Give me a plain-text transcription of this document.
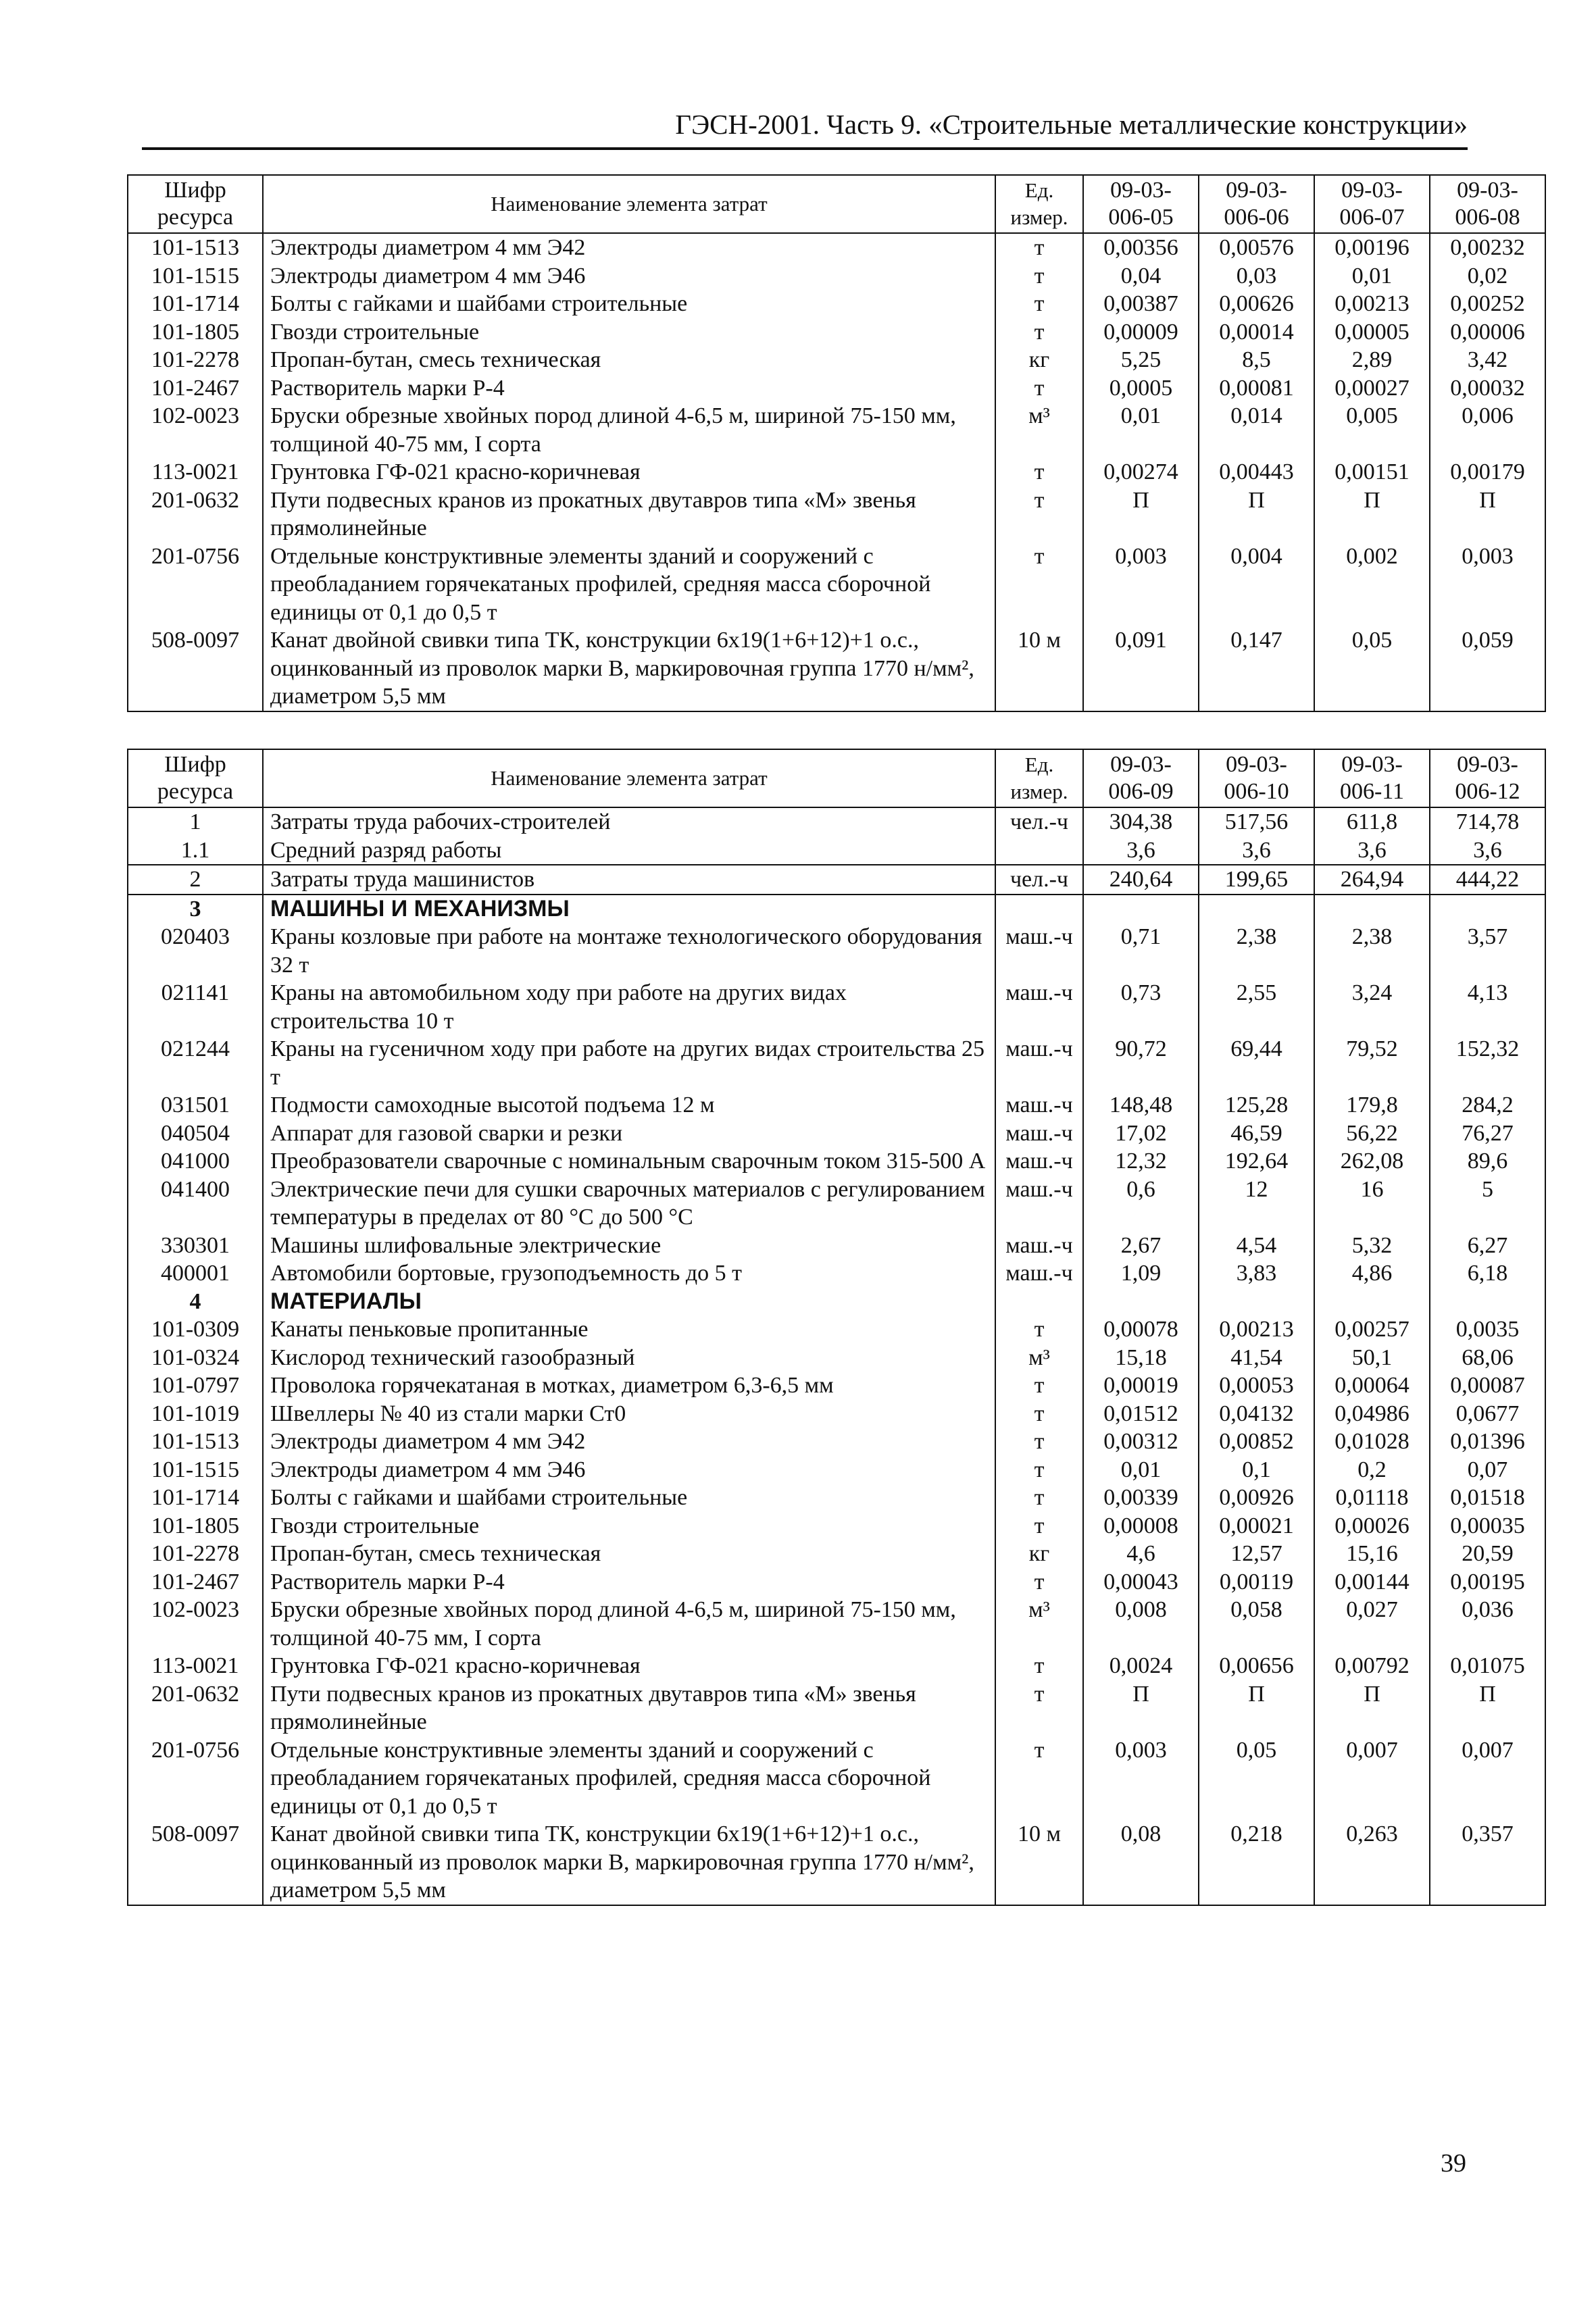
ГЭСН-2001. Часть 9. «Строительные металлические конструкции»
Шифр ресурса	Наименование элемента затрат	Ед. измер.	09-03-006-05	09-03-006-06	09-03-006-07	09-03-006-08
101-1513	Электроды диаметром 4 мм Э42	т	0,00356	0,00576	0,00196	0,00232
101-1515	Электроды диаметром 4 мм Э46	т	0,04	0,03	0,01	0,02
101-1714	Болты с гайками и шайбами строительные	т	0,00387	0,00626	0,00213	0,00252
101-1805	Гвозди строительные	т	0,00009	0,00014	0,00005	0,00006
101-2278	Пропан-бутан, смесь техническая	кг	5,25	8,5	2,89	3,42
101-2467	Растворитель марки Р-4	т	0,0005	0,00081	0,00027	0,00032
102-0023	Бруски обрезные хвойных пород длиной 4-6,5 м, шириной 75-150 мм, толщиной 40-75 мм, I сорта	м³	0,01	0,014	0,005	0,006
113-0021	Грунтовка ГФ-021 красно-коричневая	т	0,00274	0,00443	0,00151	0,00179
201-0632	Пути подвесных кранов из прокатных двутавров типа «М» звенья прямолинейные	т	П	П	П	П
201-0756	Отдельные конструктивные элементы зданий и сооружений с преобладанием горячекатаных профилей, средняя масса сборочной единицы от 0,1 до 0,5 т	т	0,003	0,004	0,002	0,003
508-0097	Канат двойной свивки типа ТК, конструкции 6х19(1+6+12)+1 о.с., оцинкованный из проволок марки В, маркировочная группа 1770 н/мм², диаметром 5,5 мм	10 м	0,091	0,147	0,05	0,059
Шифр ресурса	Наименование элемента затрат	Ед. измер.	09-03-006-09	09-03-006-10	09-03-006-11	09-03-006-12
1	Затраты труда рабочих-строителей	чел.-ч	304,38	517,56	611,8	714,78
1.1	Средний разряд работы		3,6	3,6	3,6	3,6
2	Затраты труда машинистов	чел.-ч	240,64	199,65	264,94	444,22
3	МАШИНЫ И МЕХАНИЗМЫ					
020403	Краны козловые при работе на монтаже технологического оборудования 32 т	маш.-ч	0,71	2,38	2,38	3,57
021141	Краны на автомобильном ходу при работе на других видах строительства 10 т	маш.-ч	0,73	2,55	3,24	4,13
021244	Краны на гусеничном ходу при работе на других видах строительства 25 т	маш.-ч	90,72	69,44	79,52	152,32
031501	Подмости самоходные высотой подъема 12 м	маш.-ч	148,48	125,28	179,8	284,2
040504	Аппарат для газовой сварки и резки	маш.-ч	17,02	46,59	56,22	76,27
041000	Преобразователи сварочные с номинальным сварочным током 315-500 А	маш.-ч	12,32	192,64	262,08	89,6
041400	Электрические печи для сушки сварочных материалов с регулированием температуры в пределах от 80 °С до 500 °С	маш.-ч	0,6	12	16	5
330301	Машины шлифовальные электрические	маш.-ч	2,67	4,54	5,32	6,27
400001	Автомобили бортовые, грузоподъемность до 5 т	маш.-ч	1,09	3,83	4,86	6,18
4	МАТЕРИАЛЫ					
101-0309	Канаты пеньковые пропитанные	т	0,00078	0,00213	0,00257	0,0035
101-0324	Кислород технический газообразный	м³	15,18	41,54	50,1	68,06
101-0797	Проволока горячекатаная в мотках, диаметром 6,3-6,5 мм	т	0,00019	0,00053	0,00064	0,00087
101-1019	Швеллеры № 40 из стали марки Ст0	т	0,01512	0,04132	0,04986	0,0677
101-1513	Электроды диаметром 4 мм Э42	т	0,00312	0,00852	0,01028	0,01396
101-1515	Электроды диаметром 4 мм Э46	т	0,01	0,1	0,2	0,07
101-1714	Болты с гайками и шайбами строительные	т	0,00339	0,00926	0,01118	0,01518
101-1805	Гвозди строительные	т	0,00008	0,00021	0,00026	0,00035
101-2278	Пропан-бутан, смесь техническая	кг	4,6	12,57	15,16	20,59
101-2467	Растворитель марки Р-4	т	0,00043	0,00119	0,00144	0,00195
102-0023	Бруски обрезные хвойных пород длиной 4-6,5 м, шириной 75-150 мм, толщиной 40-75 мм, I сорта	м³	0,008	0,058	0,027	0,036
113-0021	Грунтовка ГФ-021 красно-коричневая	т	0,0024	0,00656	0,00792	0,01075
201-0632	Пути подвесных кранов из прокатных двутавров типа «М» звенья прямолинейные	т	П	П	П	П
201-0756	Отдельные конструктивные элементы зданий и сооружений с преобладанием горячекатаных профилей, средняя масса сборочной единицы от 0,1 до 0,5 т	т	0,003	0,05	0,007	0,007
508-0097	Канат двойной свивки типа ТК, конструкции 6х19(1+6+12)+1 о.с., оцинкованный из проволок марки В, маркировочная группа 1770 н/мм², диаметром 5,5 мм	10 м	0,08	0,218	0,263	0,357
39
